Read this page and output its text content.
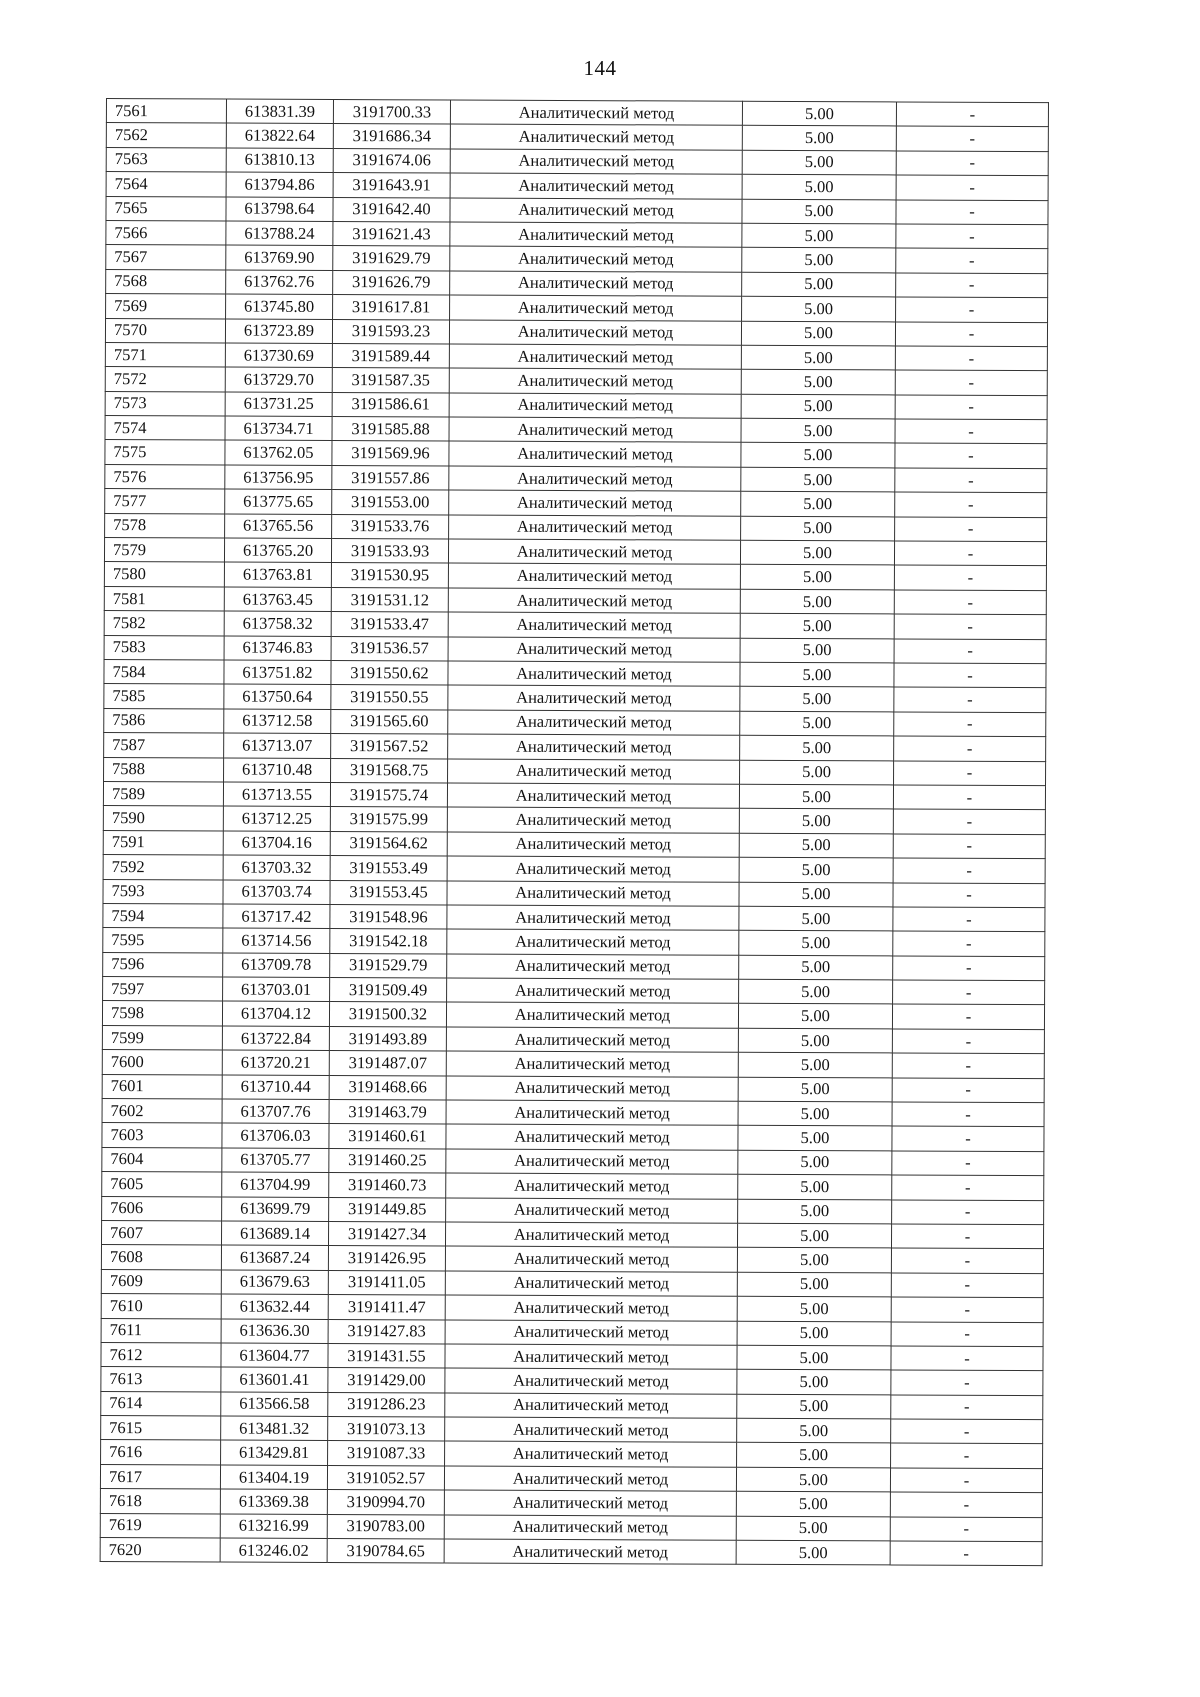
144
7561	613831.39	3191700.33	Аналитический метод	5.00	-
7562	613822.64	3191686.34	Аналитический метод	5.00	-
7563	613810.13	3191674.06	Аналитический метод	5.00	-
7564	613794.86	3191643.91	Аналитический метод	5.00	-
7565	613798.64	3191642.40	Аналитический метод	5.00	-
7566	613788.24	3191621.43	Аналитический метод	5.00	-
7567	613769.90	3191629.79	Аналитический метод	5.00	-
7568	613762.76	3191626.79	Аналитический метод	5.00	-
7569	613745.80	3191617.81	Аналитический метод	5.00	-
7570	613723.89	3191593.23	Аналитический метод	5.00	-
7571	613730.69	3191589.44	Аналитический метод	5.00	-
7572	613729.70	3191587.35	Аналитический метод	5.00	-
7573	613731.25	3191586.61	Аналитический метод	5.00	-
7574	613734.71	3191585.88	Аналитический метод	5.00	-
7575	613762.05	3191569.96	Аналитический метод	5.00	-
7576	613756.95	3191557.86	Аналитический метод	5.00	-
7577	613775.65	3191553.00	Аналитический метод	5.00	-
7578	613765.56	3191533.76	Аналитический метод	5.00	-
7579	613765.20	3191533.93	Аналитический метод	5.00	-
7580	613763.81	3191530.95	Аналитический метод	5.00	-
7581	613763.45	3191531.12	Аналитический метод	5.00	-
7582	613758.32	3191533.47	Аналитический метод	5.00	-
7583	613746.83	3191536.57	Аналитический метод	5.00	-
7584	613751.82	3191550.62	Аналитический метод	5.00	-
7585	613750.64	3191550.55	Аналитический метод	5.00	-
7586	613712.58	3191565.60	Аналитический метод	5.00	-
7587	613713.07	3191567.52	Аналитический метод	5.00	-
7588	613710.48	3191568.75	Аналитический метод	5.00	-
7589	613713.55	3191575.74	Аналитический метод	5.00	-
7590	613712.25	3191575.99	Аналитический метод	5.00	-
7591	613704.16	3191564.62	Аналитический метод	5.00	-
7592	613703.32	3191553.49	Аналитический метод	5.00	-
7593	613703.74	3191553.45	Аналитический метод	5.00	-
7594	613717.42	3191548.96	Аналитический метод	5.00	-
7595	613714.56	3191542.18	Аналитический метод	5.00	-
7596	613709.78	3191529.79	Аналитический метод	5.00	-
7597	613703.01	3191509.49	Аналитический метод	5.00	-
7598	613704.12	3191500.32	Аналитический метод	5.00	-
7599	613722.84	3191493.89	Аналитический метод	5.00	-
7600	613720.21	3191487.07	Аналитический метод	5.00	-
7601	613710.44	3191468.66	Аналитический метод	5.00	-
7602	613707.76	3191463.79	Аналитический метод	5.00	-
7603	613706.03	3191460.61	Аналитический метод	5.00	-
7604	613705.77	3191460.25	Аналитический метод	5.00	-
7605	613704.99	3191460.73	Аналитический метод	5.00	-
7606	613699.79	3191449.85	Аналитический метод	5.00	-
7607	613689.14	3191427.34	Аналитический метод	5.00	-
7608	613687.24	3191426.95	Аналитический метод	5.00	-
7609	613679.63	3191411.05	Аналитический метод	5.00	-
7610	613632.44	3191411.47	Аналитический метод	5.00	-
7611	613636.30	3191427.83	Аналитический метод	5.00	-
7612	613604.77	3191431.55	Аналитический метод	5.00	-
7613	613601.41	3191429.00	Аналитический метод	5.00	-
7614	613566.58	3191286.23	Аналитический метод	5.00	-
7615	613481.32	3191073.13	Аналитический метод	5.00	-
7616	613429.81	3191087.33	Аналитический метод	5.00	-
7617	613404.19	3191052.57	Аналитический метод	5.00	-
7618	613369.38	3190994.70	Аналитический метод	5.00	-
7619	613216.99	3190783.00	Аналитический метод	5.00	-
7620	613246.02	3190784.65	Аналитический метод	5.00	-
